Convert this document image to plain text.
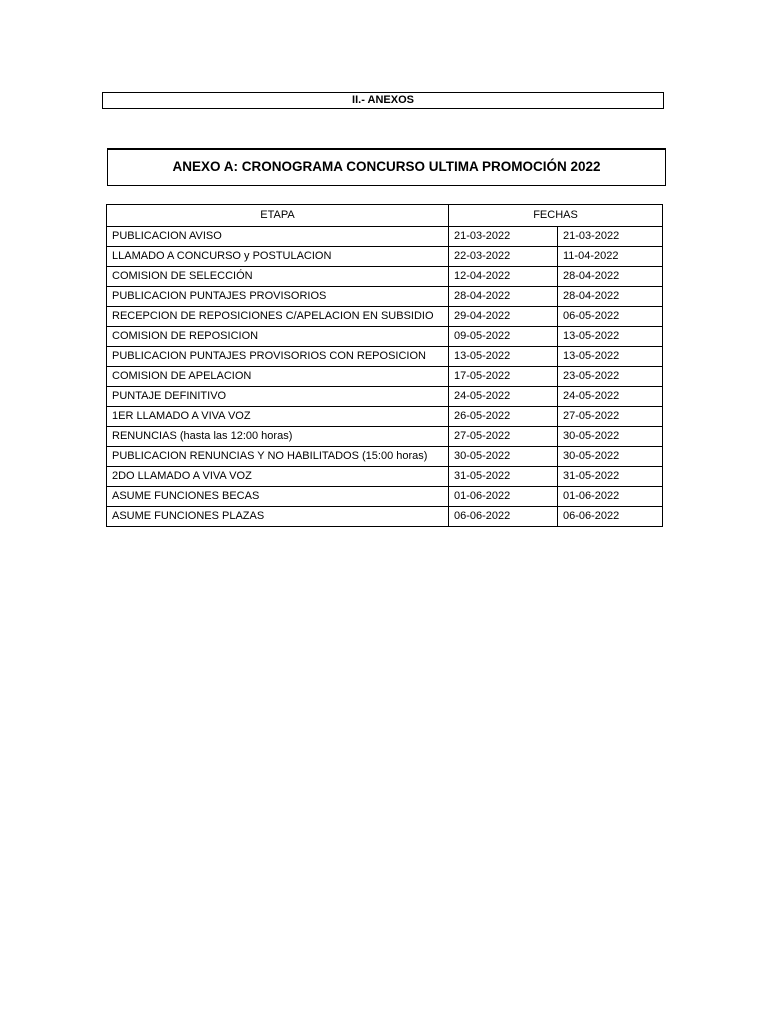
II.- ANEXOS
ANEXO A: CRONOGRAMA CONCURSO ULTIMA PROMOCIÓN 2022
ETAPA	FECHAS	
PUBLICACION AVISO	21-03-2022	21-03-2022
LLAMADO A CONCURSO y POSTULACION	22-03-2022	11-04-2022
COMISION DE SELECCIÓN	12-04-2022	28-04-2022
PUBLICACION PUNTAJES PROVISORIOS	28-04-2022	28-04-2022
RECEPCION DE REPOSICIONES C/APELACION EN SUBSIDIO	29-04-2022	06-05-2022
COMISION DE REPOSICION	09-05-2022	13-05-2022
PUBLICACION PUNTAJES PROVISORIOS CON REPOSICION	13-05-2022	13-05-2022
COMISION DE APELACION	17-05-2022	23-05-2022
PUNTAJE DEFINITIVO	24-05-2022	24-05-2022
1ER LLAMADO A VIVA VOZ	26-05-2022	27-05-2022
RENUNCIAS (hasta las 12:00 horas)	27-05-2022	30-05-2022
PUBLICACION RENUNCIAS Y NO HABILITADOS (15:00 horas)	30-05-2022	30-05-2022
2DO LLAMADO A VIVA VOZ	31-05-2022	31-05-2022
ASUME FUNCIONES BECAS	01-06-2022	01-06-2022
ASUME FUNCIONES PLAZAS	06-06-2022	06-06-2022
